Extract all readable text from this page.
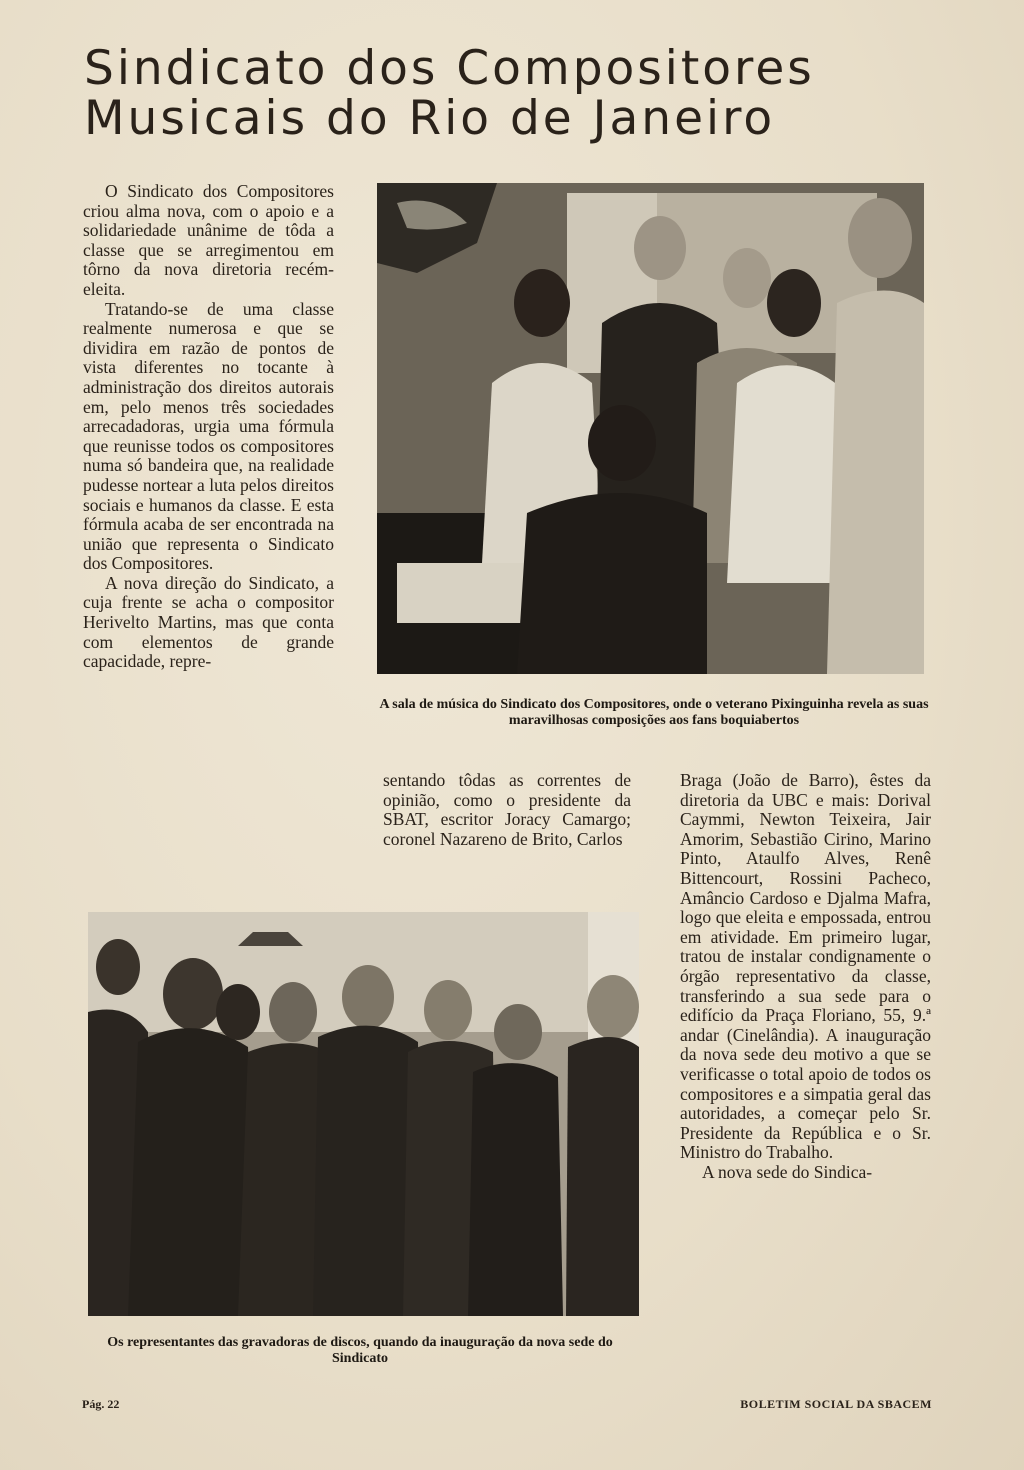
Sindicato dos Compositores
Musicais do Rio de Janeiro

O Sindicato dos Compositores criou alma nova, com o apoio e a solidariedade unânime de tôda a classe que se arregimentou em tôrno da nova diretoria recém-eleita.

Tratando-se de uma classe realmente numerosa e que se dividira em razão de pontos de vista diferentes no tocante à administração dos direitos autorais em, pelo menos três sociedades arrecadadoras, urgia uma fórmula que reunisse todos os compositores numa só bandeira que, na realidade pudesse nortear a luta pelos direitos sociais e humanos da classe. E esta fórmula acaba de ser encontrada na união que representa o Sindicato dos Compositores.

A nova direção do Sindicato, a cuja frente se acha o compositor Herivelto Martins, mas que conta com elementos de grande capacidade, repre-

A sala de música do Sindicato dos Compositores, onde o veterano Pixinguinha revela as suas maravilhosas composições aos fans boquiabertos

sentando tôdas as correntes de opinião, como o presidente da SBAT, escritor Joracy Camargo; coronel Nazareno de Brito, Carlos

Braga (João de Barro), êstes da diretoria da UBC e mais: Dorival Caymmi, Newton Teixeira, Jair Amorim, Sebastião Cirino, Marino Pinto, Ataulfo Alves, Renê Bittencourt, Rossini Pacheco, Amâncio Cardoso e Djalma Mafra, logo que eleita e empossada, entrou em atividade. Em primeiro lugar, tratou de instalar condignamente o órgão representativo da classe, transferindo a sua sede para o edifício da Praça Floriano, 55, 9.ª andar (Cinelândia). A inauguração da nova sede deu motivo a que se verificasse o total apoio de todos os compositores e a simpatia geral das autoridades, a começar pelo Sr. Presidente da República e o Sr. Ministro do Trabalho.

A nova sede do Sindica-

Os representantes das gravadoras de discos, quando da inauguração da nova sede do Sindicato
Pág. 22	BOLETIM SOCIAL DA SBACEM
